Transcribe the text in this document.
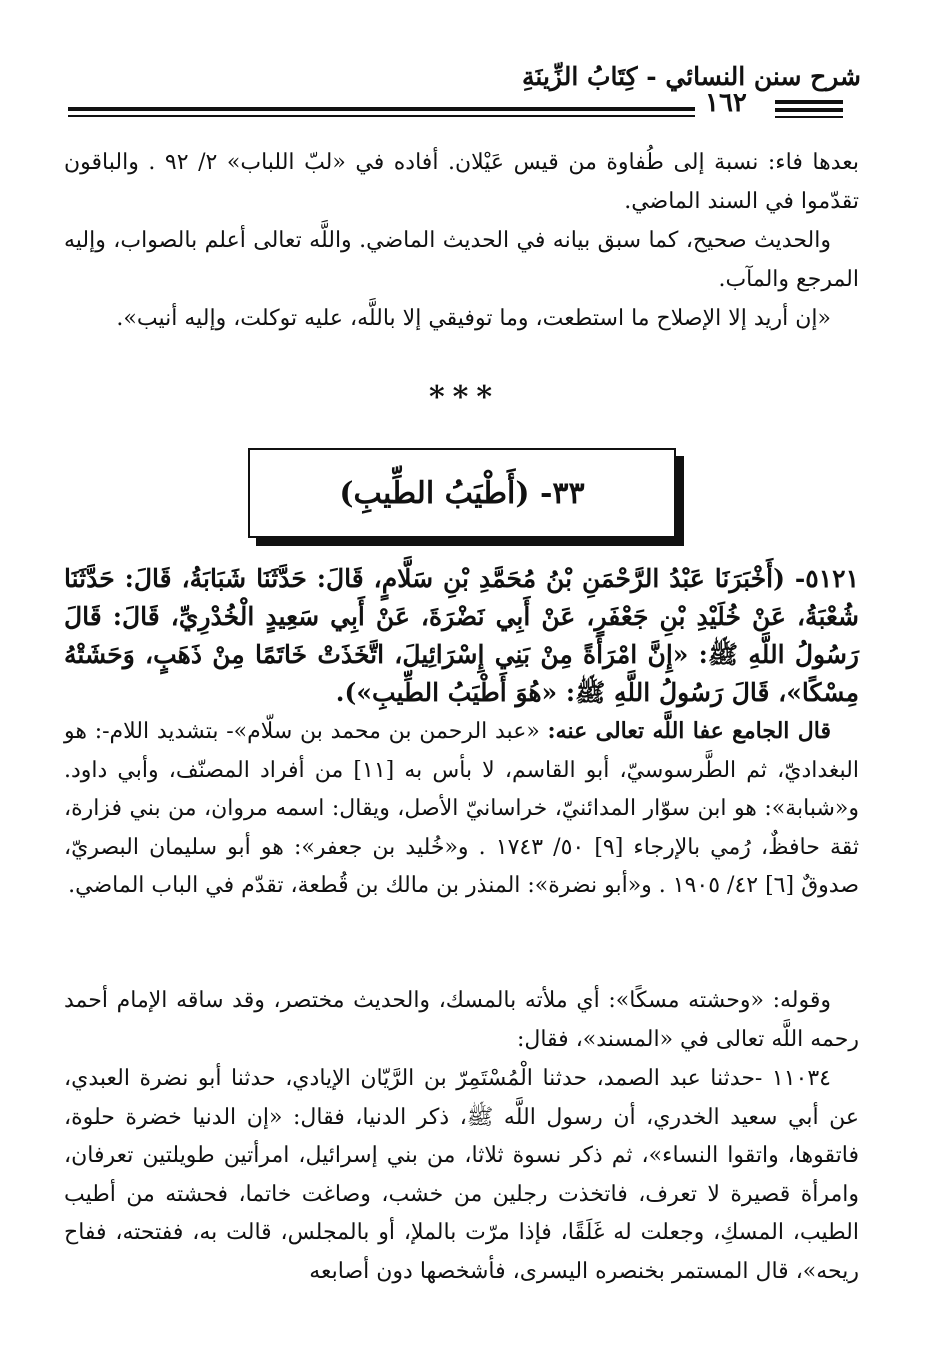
شرح سنن النسائي - كِتَابُ الزِّينَةِ
١٦٢
بعدها فاء: نسبة إلى طُفاوة من قيس عَيْلان. أفاده في «لبّ اللباب» ٢/ ٩٢ . والباقون تقدّموا في السند الماضي.
والحديث صحيح، كما سبق بيانه في الحديث الماضي. واللَّه تعالى أعلم بالصواب، وإليه المرجع والمآب.
«إن أريد إلا الإصلاح ما استطعت، وما توفيقي إلا باللَّه، عليه توكلت، وإليه أنيب».
***
٣٣- (أَطْيَبُ الطِّيبِ)
٥١٢١- (أَخْبَرَنَا عَبْدُ الرَّحْمَنِ بْنُ مُحَمَّدِ بْنِ سَلَّامٍ، قَالَ: حَدَّثَنَا شَبَابَةُ، قَالَ: حَدَّثَنَا شُعْبَةُ، عَنْ خُلَيْدِ بْنِ جَعْفَرٍ، عَنْ أَبِي نَضْرَةَ، عَنْ أَبِي سَعِيدٍ الْخُدْرِيِّ، قَالَ: قَالَ رَسُولُ اللَّهِ ﷺ: «إِنَّ امْرَأَةً مِنْ بَنِي إِسْرَائِيلَ، اتَّخَذَتْ خَاتَمًا مِنْ ذَهَبٍ، وَحَشَتْهُ مِسْكًا»، قَالَ رَسُولُ اللَّهِ ﷺ: «هُوَ أَطْيَبُ الطِّيبِ»).
قال الجامع عفا اللَّه تعالى عنه: «عبد الرحمن بن محمد بن سلّام»- بتشديد اللام-: هو البغداديّ، ثم الطَّرسوسيّ، أبو القاسم، لا بأس به [١١] من أفراد المصنّف، وأبي داود. و«شبابة»: هو ابن سوّار المدائنيّ، خراسانيّ الأصل، ويقال: اسمه مروان، من بني فزارة، ثقة حافظٌ، رُمي بالإرجاء [٩] ٥٠/ ١٧٤٣ . و«خُليد بن جعفر»: هو أبو سليمان البصريّ، صدوقٌ [٦] ٤٢/ ١٩٠٥ . و«أبو نضرة»: المنذر بن مالك بن قُطعة، تقدّم في الباب الماضي.
وقوله: «وحشته مسكًا»: أي ملأته بالمسك، والحديث مختصر، وقد ساقه الإمام أحمد رحمه اللَّه تعالى في «المسند»، فقال:
١١٠٣٤ -حدثنا عبد الصمد، حدثنا الْمُسْتَمِرّ بن الرَّيّان الإيادي، حدثنا أبو نضرة العبدي، عن أبي سعيد الخدري، أن رسول اللَّه ﷺ، ذكر الدنيا، فقال: «إن الدنيا خضرة حلوة، فاتقوها، واتقوا النساء»، ثم ذكر نسوة ثلاثا، من بني إسرائيل، امرأتين طويلتين تعرفان، وامرأة قصيرة لا تعرف، فاتخذت رجلين من خشب، وصاغت خاتما، فحشته من أطيب الطيب، المسكِ، وجعلت له غَلَقًا، فإذا مرّت بالملإ، أو بالمجلس، قالت به، ففتحته، ففاح ريحه»، قال المستمر بخنصره اليسرى، فأشخصها دون أصابعه
